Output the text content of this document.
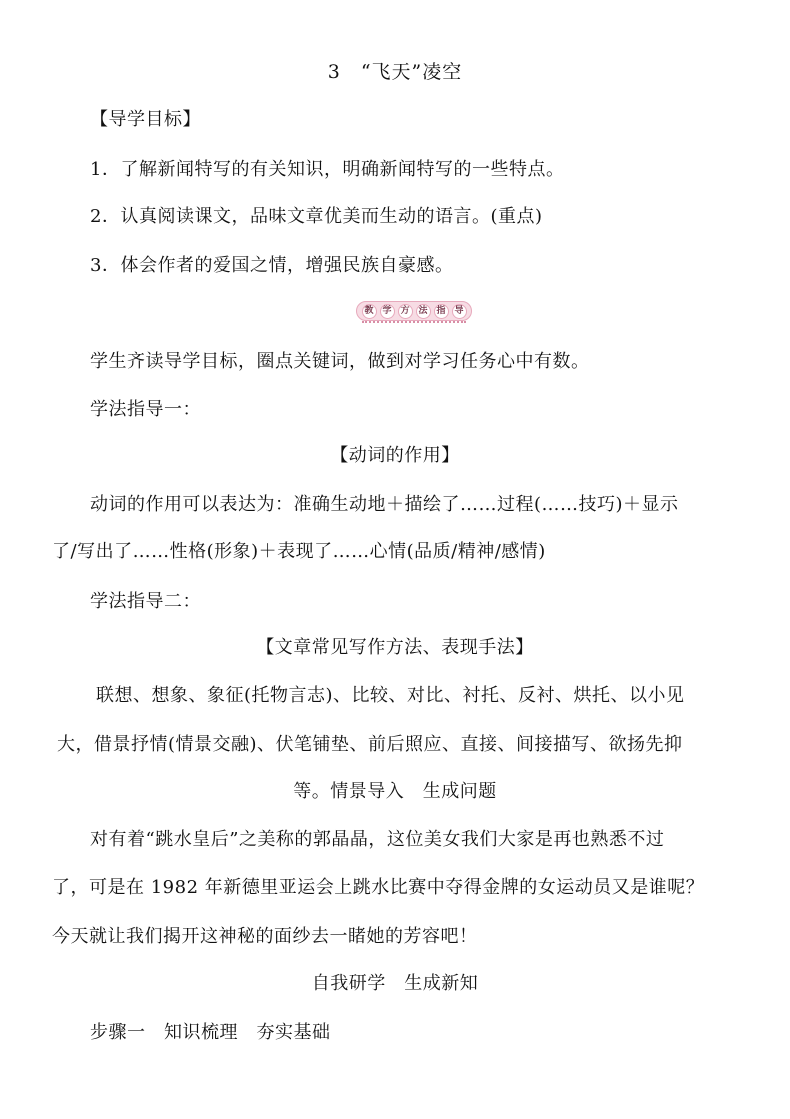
3　“飞天”凌空
【导学目标】
1．了解新闻特写的有关知识，明确新闻特写的一些特点。
2．认真阅读课文，品味文章优美而生动的语言。(重点)
3．体会作者的爱国之情，增强民族自豪感。
教 学 方 法 指 导
学生齐读导学目标，圈点关键词，做到对学习任务心中有数。
学法指导一：
【动词的作用】
动词的作用可以表达为：准确生动地＋描绘了……过程(……技巧)＋显示
了/写出了……性格(形象)＋表现了……心情(品质/精神/感情)
学法指导二：
【文章常见写作方法、表现手法】
联想、想象、象征(托物言志)、比较、对比、衬托、反衬、烘托、以小见
大，借景抒情(情景交融)、伏笔铺垫、前后照应、直接、间接描写、欲扬先抑
等。情景导入　生成问题
对有着“跳水皇后”之美称的郭晶晶，这位美女我们大家是再也熟悉不过
了，可是在 1982 年新德里亚运会上跳水比赛中夺得金牌的女运动员又是谁呢？
今天就让我们揭开这神秘的面纱去一睹她的芳容吧！
自我研学　生成新知
步骤一　知识梳理　夯实基础
